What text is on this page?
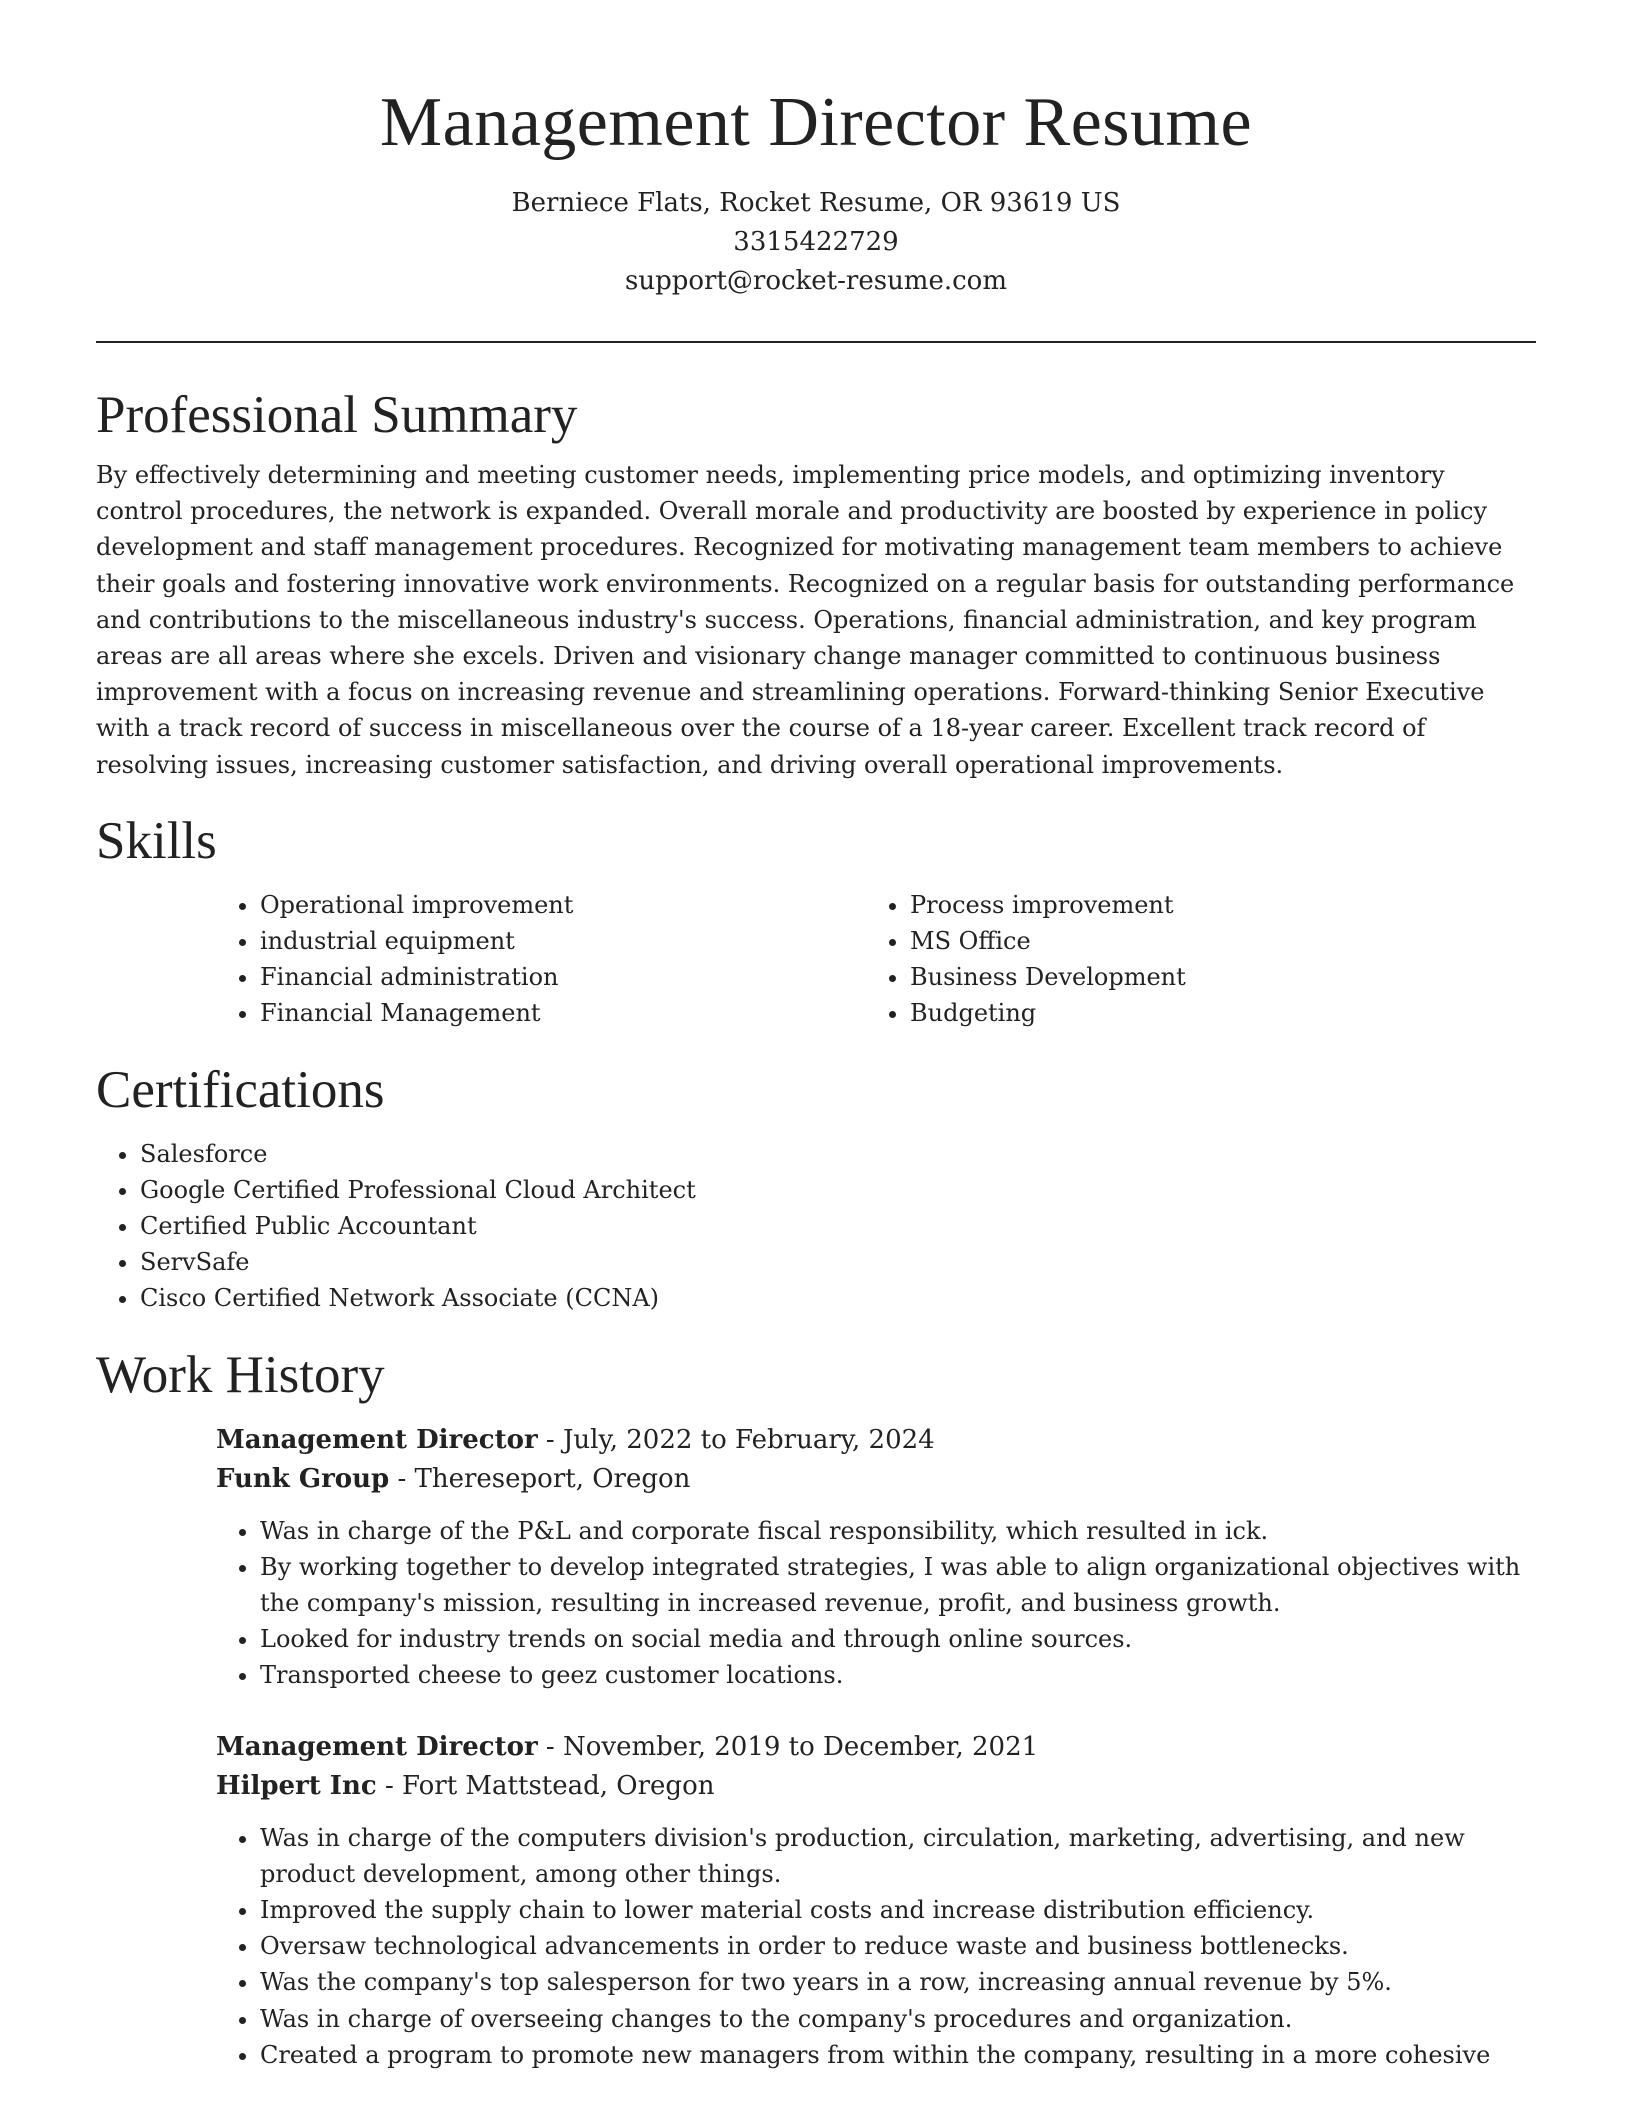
Management Director Resume
Berniece Flats, Rocket Resume, OR 93619 US
3315422729
support@rocket-resume.com
Professional Summary

By effectively determining and meeting customer needs, implementing price models, and optimizing inventory control procedures, the network is expanded. Overall morale and productivity are boosted by experience in policy development and staff management procedures. Recognized for motivating management team members to achieve their goals and fostering innovative work environments. Recognized on a regular basis for outstanding performance and contributions to the miscellaneous industry's success. Operations, financial administration, and key program areas are all areas where she excels. Driven and visionary change manager committed to continuous business improvement with a focus on increasing revenue and streamlining operations. Forward-thinking Senior Executive with a track record of success in miscellaneous over the course of a 18-year career. Excellent track record of resolving issues, increasing customer satisfaction, and driving overall operational improvements.

Skills
• Operational improvement
• industrial equipment
• Financial administration
• Financial Management
• Process improvement
• MS Office
• Business Development
• Budgeting
Certifications
• Salesforce
• Google Certified Professional Cloud Architect
• Certified Public Accountant
• ServSafe
• Cisco Certified Network Associate (CCNA)
Work History
Management Director - July, 2022 to February, 2024
Funk Group - Thereseport, Oregon
• Was in charge of the P&L and corporate fiscal responsibility, which resulted in ick.
• By working together to develop integrated strategies, I was able to align organizational objectives with the company's mission, resulting in increased revenue, profit, and business growth.
• Looked for industry trends on social media and through online sources.
• Transported cheese to geez customer locations.
Management Director - November, 2019 to December, 2021
Hilpert Inc - Fort Mattstead, Oregon
• Was in charge of the computers division's production, circulation, marketing, advertising, and new product development, among other things.
• Improved the supply chain to lower material costs and increase distribution efficiency.
• Oversaw technological advancements in order to reduce waste and business bottlenecks.
• Was the company's top salesperson for two years in a row, increasing annual revenue by 5%.
• Was in charge of overseeing changes to the company's procedures and organization.
• Created a program to promote new managers from within the company, resulting in a more cohesive
